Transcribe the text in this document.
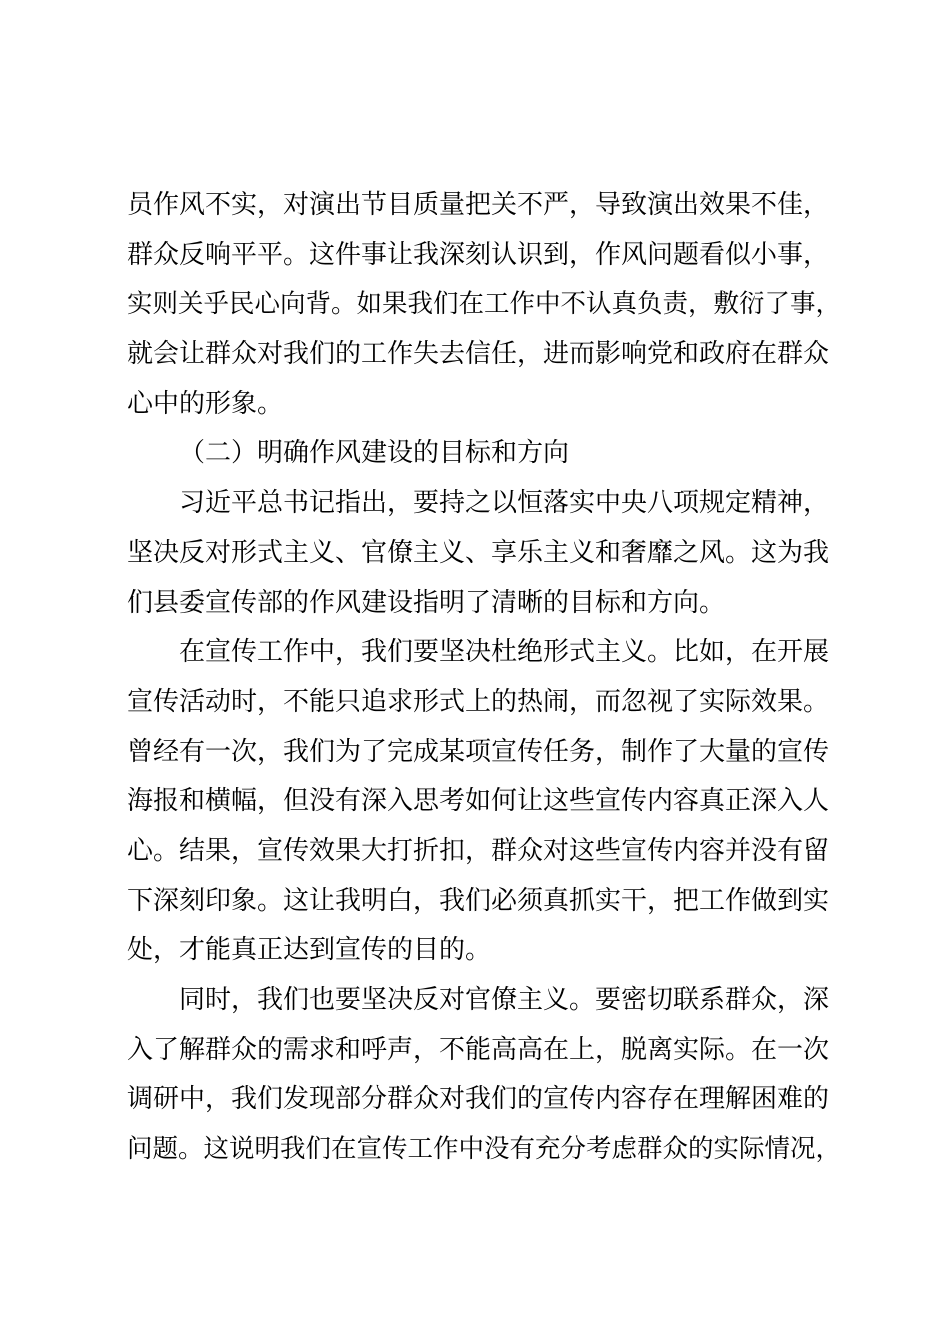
员作风不实，对演出节目质量把关不严，导致演出效果不佳，
群众反响平平。这件事让我深刻认识到，作风问题看似小事，
实则关乎民心向背。如果我们在工作中不认真负责，敷衍了事，
就会让群众对我们的工作失去信任，进而影响党和政府在群众
心中的形象。
（二）明确作风建设的目标和方向
习近平总书记指出，要持之以恒落实中央八项规定精神，
坚决反对形式主义、官僚主义、享乐主义和奢靡之风。这为我
们县委宣传部的作风建设指明了清晰的目标和方向。
在宣传工作中，我们要坚决杜绝形式主义。比如，在开展
宣传活动时，不能只追求形式上的热闹，而忽视了实际效果。
曾经有一次，我们为了完成某项宣传任务，制作了大量的宣传
海报和横幅，但没有深入思考如何让这些宣传内容真正深入人
心。结果，宣传效果大打折扣，群众对这些宣传内容并没有留
下深刻印象。这让我明白，我们必须真抓实干，把工作做到实
处，才能真正达到宣传的目的。
同时，我们也要坚决反对官僚主义。要密切联系群众，深
入了解群众的需求和呼声，不能高高在上，脱离实际。在一次
调研中，我们发现部分群众对我们的宣传内容存在理解困难的
问题。这说明我们在宣传工作中没有充分考虑群众的实际情况，
